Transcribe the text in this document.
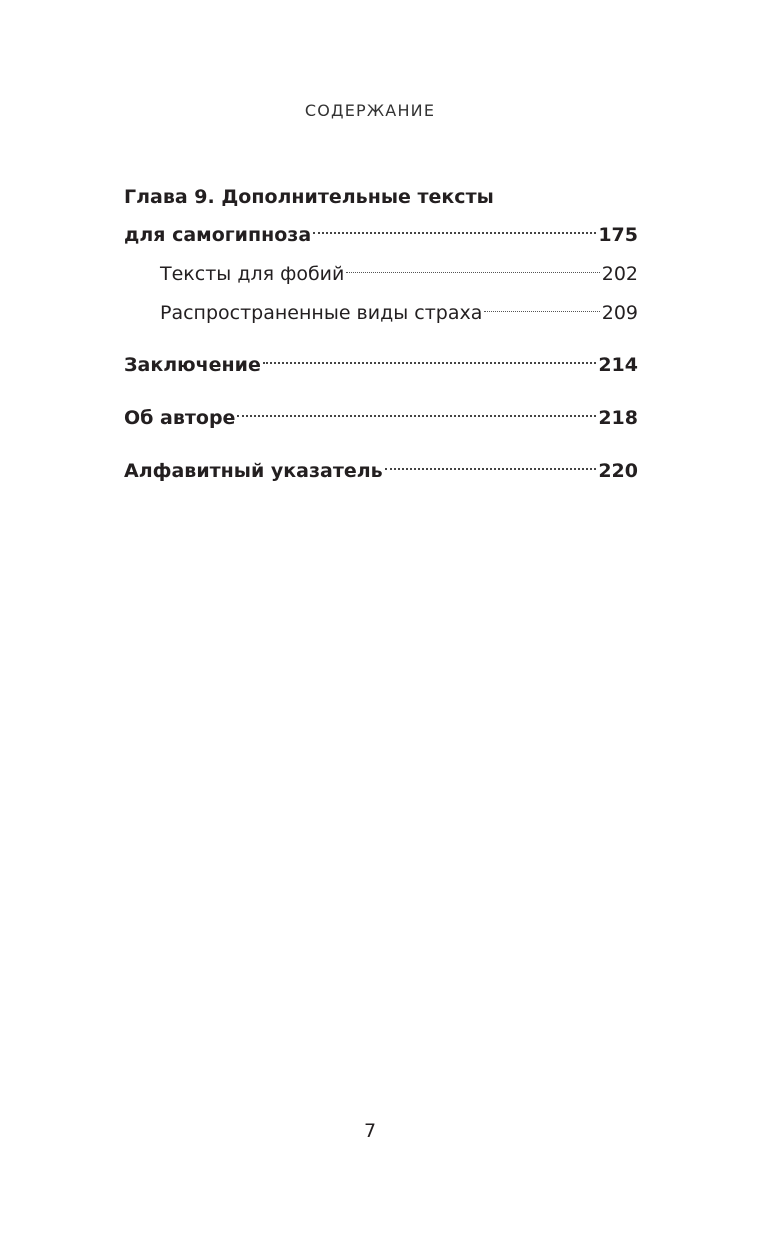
СОДЕРЖАНИЕ
Глава 9. Дополнительные тексты
для самогипноза	175
Тексты для фобий	202
Распространенные виды страха	209
Заключение	214
Об авторе	218
Алфавитный указатель	220
7
